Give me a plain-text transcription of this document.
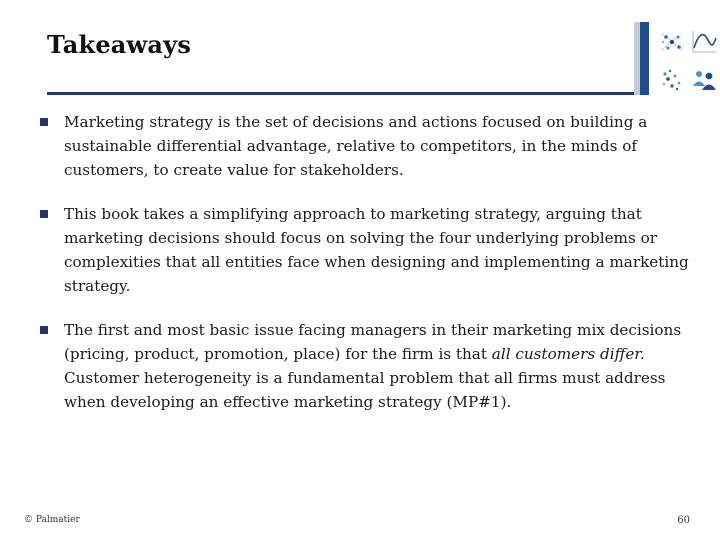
Takeaways
Marketing strategy is the set of decisions and actions focused on building a sustainable differential advantage, relative to competitors, in the minds of customers, to create value for stakeholders.
This book takes a simplifying approach to marketing strategy, arguing that marketing decisions should focus on solving the four underlying problems or complexities that all entities face when designing and implementing a marketing strategy.
The first and most basic issue facing managers in their marketing mix decisions (pricing, product, promotion, place) for the firm is that all customers differ. Customer heterogeneity is a fundamental problem that all firms must address when developing an effective marketing strategy (MP#1).
© Palmatier	60
